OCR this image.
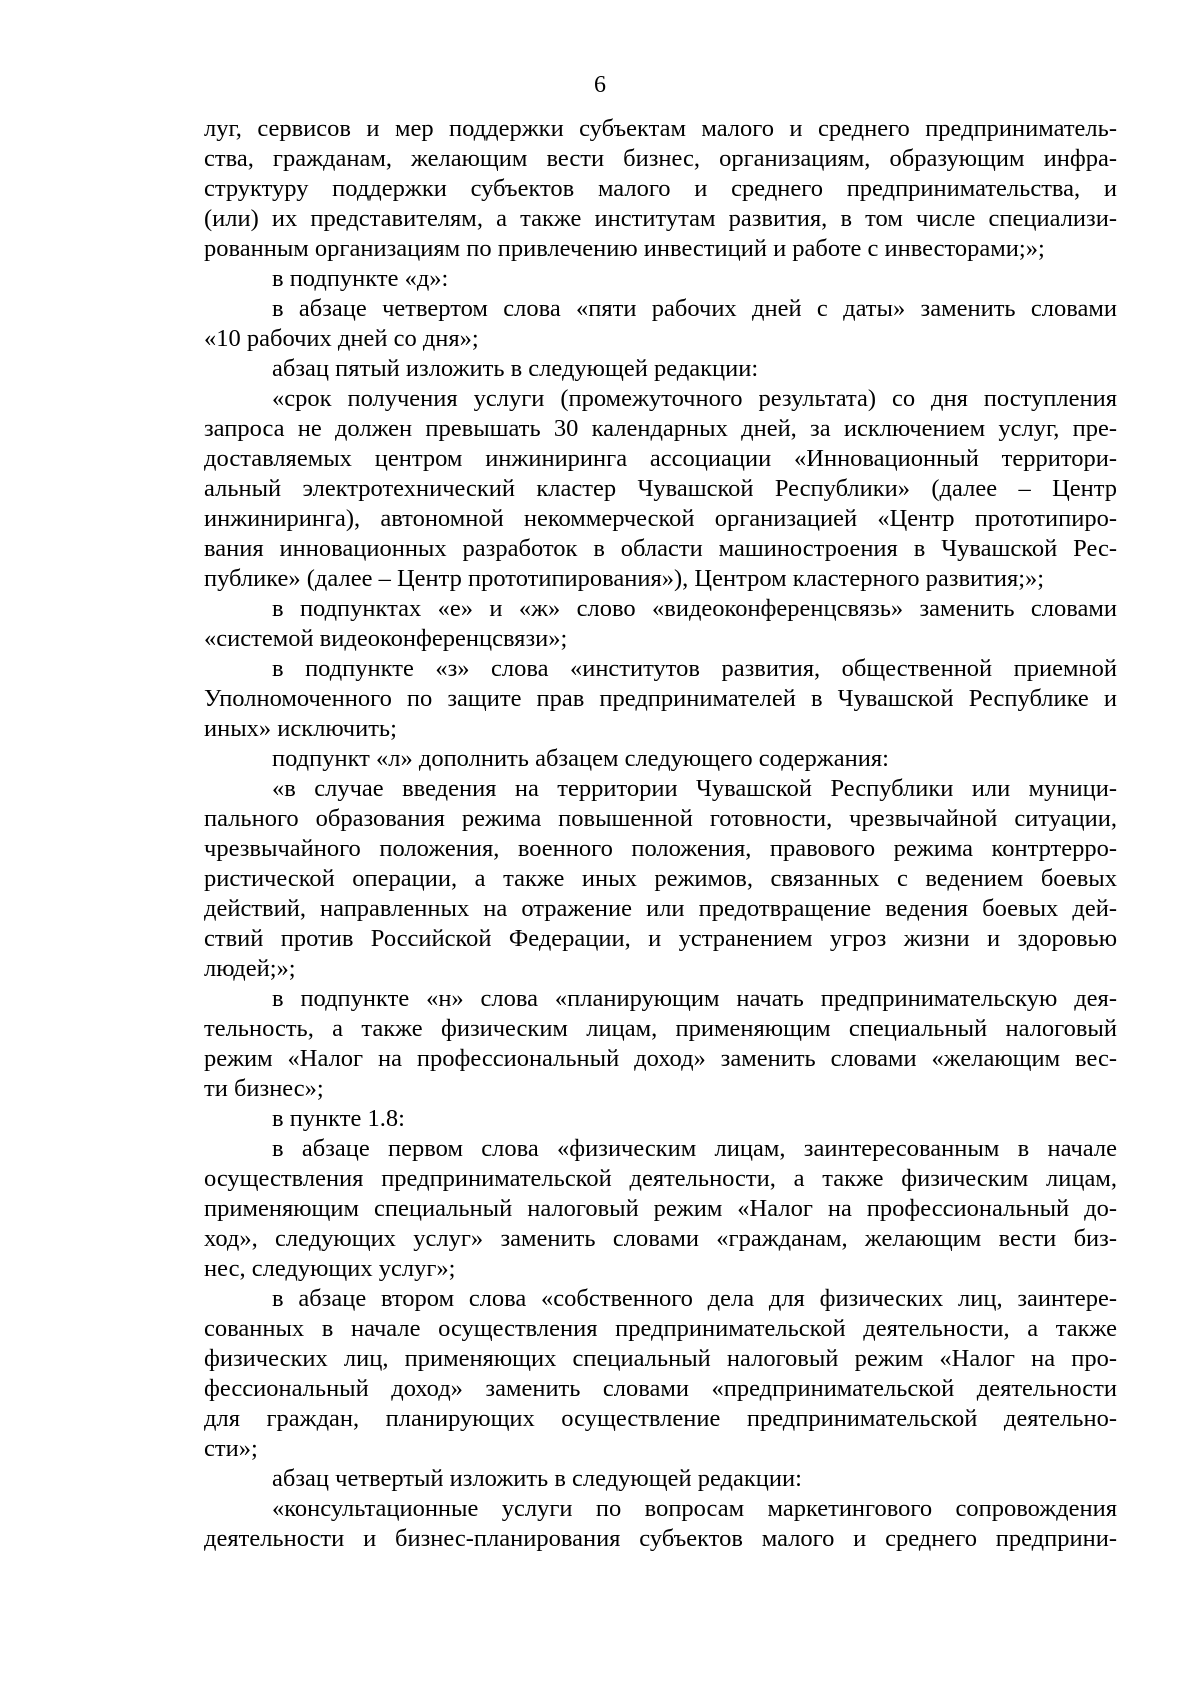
6
луг, сервисов и мер поддержки субъектам малого и среднего предприниматель-
ства, гражданам, желающим вести бизнес, организациям, образующим инфра-
структуру поддержки субъектов малого и среднего предпринимательства, и
(или) их представителям, а также институтам развития, в том числе специализи-
рованным организациям по привлечению инвестиций и работе с инвесторами;»;
в подпункте «д»:
в абзаце четвертом слова «пяти рабочих дней с даты» заменить словами
«10 рабочих дней со дня»;
абзац пятый изложить в следующей редакции:
«срок получения услуги (промежуточного результата) со дня поступления
запроса не должен превышать 30 календарных дней, за исключением услуг, пре-
доставляемых центром инжиниринга ассоциации «Инновационный территори-
альный электротехнический кластер Чувашской Республики» (далее – Центр
инжиниринга), автономной некоммерческой организацией «Центр прототипиро-
вания инновационных разработок в области машиностроения в Чувашской Рес-
публике» (далее – Центр прототипирования»), Центром кластерного развития;»;
в подпунктах «е» и «ж» слово «видеоконференцсвязь» заменить словами
«системой видеоконференцсвязи»;
в подпункте «з» слова «институтов развития, общественной приемной
Уполномоченного по защите прав предпринимателей в Чувашской Республике и
иных» исключить;
подпункт «л» дополнить абзацем следующего содержания:
«в случае введения на территории Чувашской Республики или муници-
пального образования режима повышенной готовности, чрезвычайной ситуации,
чрезвычайного положения, военного положения, правового режима контртерро-
ристической операции, а также иных режимов, связанных с ведением боевых
действий, направленных на отражение или предотвращение ведения боевых дей-
ствий против Российской Федерации, и устранением угроз жизни и здоровью
людей;»;
в подпункте «н» слова «планирующим начать предпринимательскую дея-
тельность, а также физическим лицам, применяющим специальный налоговый
режим «Налог на профессиональный доход» заменить словами «желающим вес-
ти бизнес»;
в пункте 1.8:
в абзаце первом слова «физическим лицам, заинтересованным в начале
осуществления предпринимательской деятельности, а также физическим лицам,
применяющим специальный налоговый режим «Налог на профессиональный до-
ход», следующих услуг» заменить словами «гражданам, желающим вести биз-
нес, следующих услуг»;
в абзаце втором слова «собственного дела для физических лиц, заинтере-
сованных в начале осуществления предпринимательской деятельности, а также
физических лиц, применяющих специальный налоговый режим «Налог на про-
фессиональный доход» заменить словами «предпринимательской деятельности
для граждан, планирующих осуществление предпринимательской деятельно-
сти»;
абзац четвертый изложить в следующей редакции:
«консультационные услуги по вопросам маркетингового сопровождения
деятельности и бизнес-планирования субъектов малого и среднего предприни-
